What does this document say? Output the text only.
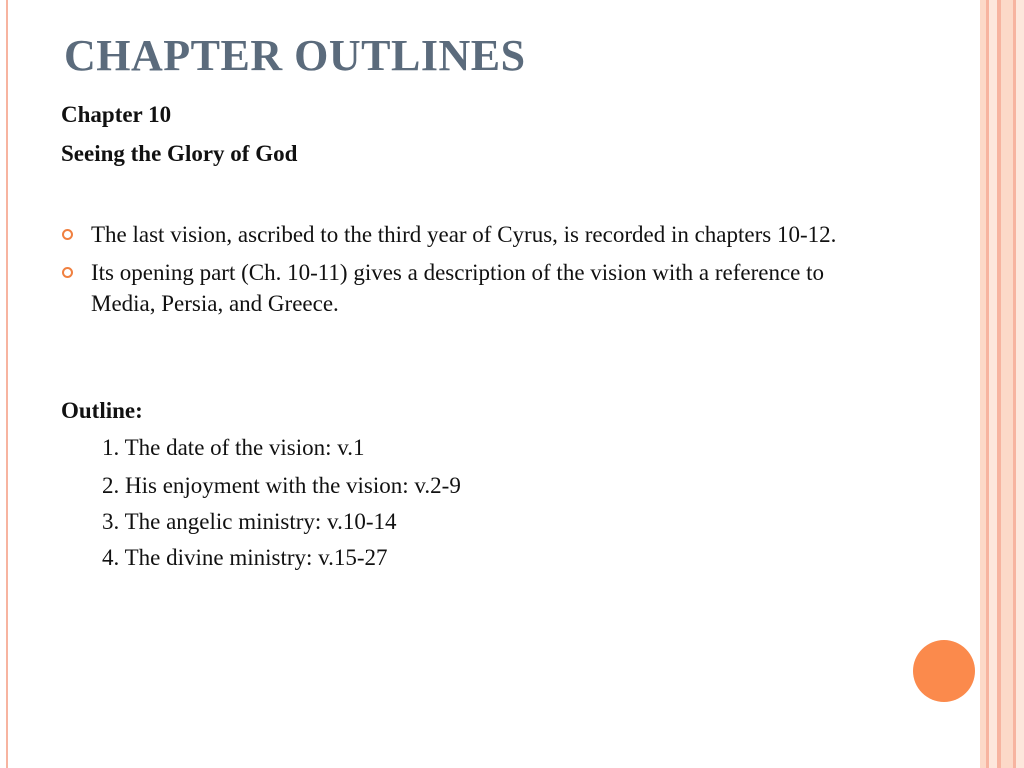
CHAPTER OUTLINES
Chapter 10
Seeing the Glory of God
The last vision, ascribed to the third year of Cyrus, is recorded in chapters 10-12.
Its opening part (Ch. 10-11) gives a description of the vision with a reference to Media, Persia, and Greece.
Outline:
1. The date of the vision: v.1
2. His enjoyment with the vision: v.2-9
3. The angelic ministry: v.10-14
4. The divine ministry: v.15-27
